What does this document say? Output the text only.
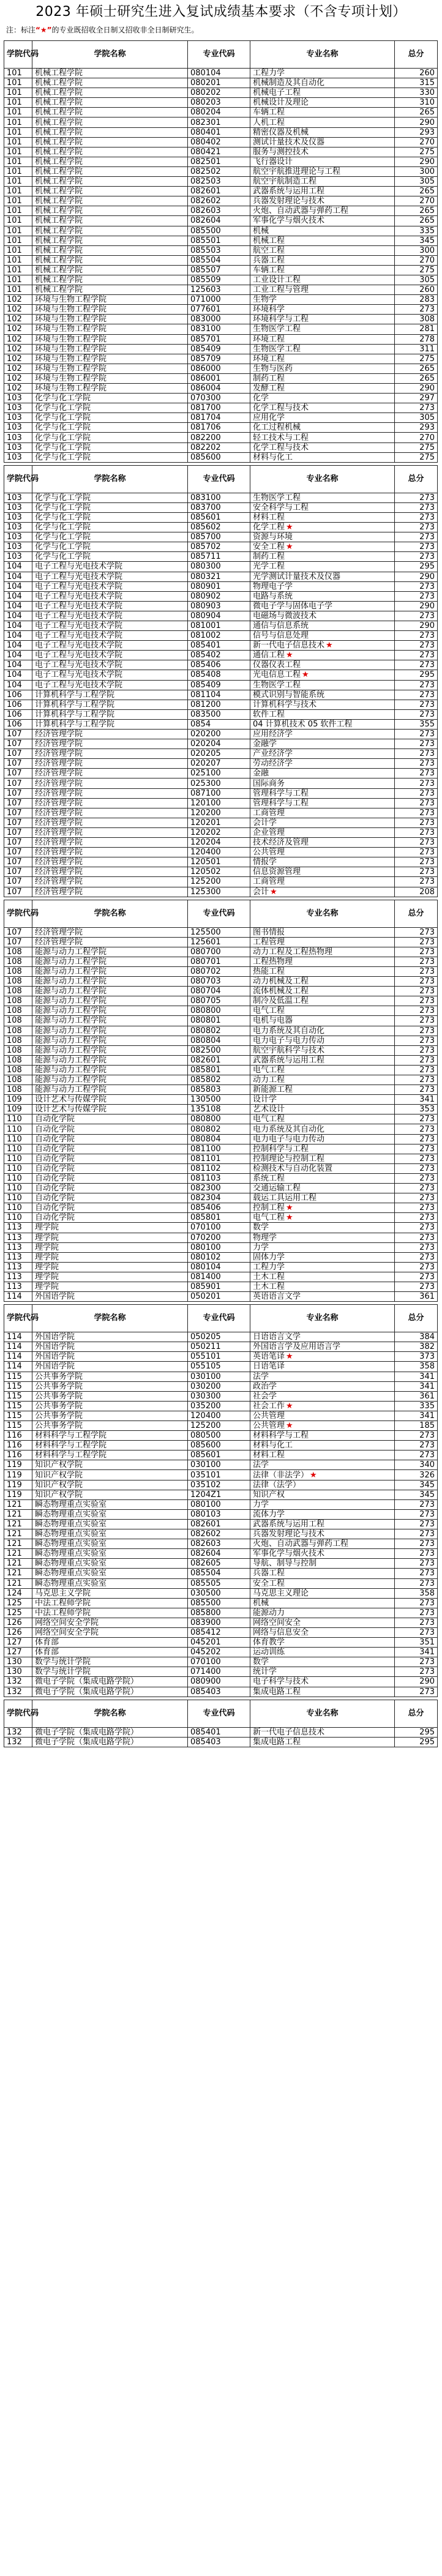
2023 年硕士研究生进入复试成绩基本要求（不含专项计划）
注：标注“★”的专业既招收全日制又招收非全日制研究生。
学院代码	学院名称	专业代码	专业名称	总分
101	机械工程学院	080104	工程力学	260
101	机械工程学院	080201	机械制造及其自动化	315
101	机械工程学院	080202	机械电子工程	330
101	机械工程学院	080203	机械设计及理论	310
101	机械工程学院	080204	车辆工程	265
101	机械工程学院	082301	人机工程	290
101	机械工程学院	080401	精密仪器及机械	293
101	机械工程学院	080402	测试计量技术及仪器	270
101	机械工程学院	080421	服务与测控技术	275
101	机械工程学院	082501	飞行器设计	290
101	机械工程学院	082502	航空宇航推进理论与工程	300
101	机械工程学院	082503	航空宇航制造工程	305
101	机械工程学院	082601	武器系统与运用工程	265
101	机械工程学院	082602	兵器发射理论与技术	270
101	机械工程学院	082603	火炮、自动武器与弹药工程	265
101	机械工程学院	082604	军事化学与烟火技术	265
101	机械工程学院	085500	机械	335
101	机械工程学院	085501	机械工程	345
101	机械工程学院	085503	航空工程	300
101	机械工程学院	085504	兵器工程	270
101	机械工程学院	085507	车辆工程	275
101	机械工程学院	085509	工业设计工程	305
101	机械工程学院	125603	工业工程与管理	260
102	环境与生物工程学院	071000	生物学	283
102	环境与生物工程学院	077601	环境科学	273
102	环境与生物工程学院	083000	环境科学与工程	308
102	环境与生物工程学院	083100	生物医学工程	281
102	环境与生物工程学院	085701	环境工程	278
102	环境与生物工程学院	085409	生物医学工程	311
102	环境与生物工程学院	085709	环境工程	275
102	环境与生物工程学院	086000	生物与医药	265
102	环境与生物工程学院	086001	制药工程	265
102	环境与生物工程学院	086004	发酵工程	290
103	化学与化工学院	070300	化学	297
103	化学与化工学院	081700	化学工程与技术	273
103	化学与化工学院	081704	应用化学	305
103	化学与化工学院	081706	化工过程机械	293
103	化学与化工学院	082200	轻工技术与工程	270
103	化学与化工学院	082202	化学工程与技术	275
103	化学与化工学院	085600	材料与化工	275
学院代码	学院名称	专业代码	专业名称	总分
103	化学与化工学院	083100	生物医学工程	273
103	化学与化工学院	083700	安全科学与工程	273
103	化学与化工学院	085601	材料工程	273
103	化学与化工学院	085602	化学工程 ★	273
103	化学与化工学院	085700	资源与环境	273
103	化学与化工学院	085702	安全工程 ★	273
103	化学与化工学院	085711	制药工程	273
104	电子工程与光电技术学院	080300	光学工程	295
104	电子工程与光电技术学院	080321	光学测试计量技术及仪器	290
104	电子工程与光电技术学院	080901	物理电子学	273
104	电子工程与光电技术学院	080902	电路与系统	273
104	电子工程与光电技术学院	080903	微电子学与固体电子学	290
104	电子工程与光电技术学院	080904	电磁场与微波技术	273
104	电子工程与光电技术学院	081001	通信与信息系统	290
104	电子工程与光电技术学院	081002	信号与信息处理	273
104	电子工程与光电技术学院	085401	新一代电子信息技术 ★	273
104	电子工程与光电技术学院	085402	通信工程 ★	273
104	电子工程与光电技术学院	085406	仪器仪表工程	273
104	电子工程与光电技术学院	085408	光电信息工程 ★	295
104	电子工程与光电技术学院	085409	生物医学工程	273
106	计算机科学与工程学院	081104	模式识别与智能系统	273
106	计算机科学与工程学院	081200	计算机科学与技术	273
106	计算机科学与工程学院	083500	软件工程	273
106	计算机科学与工程学院	0854	04 计算机技术 05 软件工程	355
107	经济管理学院	020200	应用经济学	273
107	经济管理学院	020204	金融学	273
107	经济管理学院	020205	产业经济学	273
107	经济管理学院	020207	劳动经济学	273
107	经济管理学院	025100	金融	273
107	经济管理学院	025300	国际商务	273
107	经济管理学院	087100	管理科学与工程	273
107	经济管理学院	120100	管理科学与工程	273
107	经济管理学院	120200	工商管理	273
107	经济管理学院	120201	会计学	273
107	经济管理学院	120202	企业管理	273
107	经济管理学院	120204	技术经济及管理	273
107	经济管理学院	120400	公共管理	273
107	经济管理学院	120501	情报学	273
107	经济管理学院	120502	信息资源管理	273
107	经济管理学院	125200	工商管理	273
107	经济管理学院	125300	会计 ★	208
学院代码	学院名称	专业代码	专业名称	总分
107	经济管理学院	125500	图书情报	273
107	经济管理学院	125601	工程管理	273
108	能源与动力工程学院	080700	动力工程及工程热物理	273
108	能源与动力工程学院	080701	工程热物理	273
108	能源与动力工程学院	080702	热能工程	273
108	能源与动力工程学院	080703	动力机械及工程	273
108	能源与动力工程学院	080704	流体机械及工程	273
108	能源与动力工程学院	080705	制冷及低温工程	273
108	能源与动力工程学院	080800	电气工程	273
108	能源与动力工程学院	080801	电机与电器	273
108	能源与动力工程学院	080802	电力系统及其自动化	273
108	能源与动力工程学院	080804	电力电子与电力传动	273
108	能源与动力工程学院	082500	航空宇航科学与技术	273
108	能源与动力工程学院	082601	武器系统与运用工程	273
108	能源与动力工程学院	085801	电气工程	273
108	能源与动力工程学院	085802	动力工程	273
108	能源与动力工程学院	085803	新能源工程	273
109	设计艺术与传媒学院	130500	设计学	341
109	设计艺术与传媒学院	135108	艺术设计	353
110	自动化学院	080800	电气工程	273
110	自动化学院	080802	电力系统及其自动化	273
110	自动化学院	080804	电力电子与电力传动	273
110	自动化学院	081100	控制科学与工程	273
110	自动化学院	081101	控制理论与控制工程	273
110	自动化学院	081102	检测技术与自动化装置	273
110	自动化学院	081103	系统工程	273
110	自动化学院	082300	交通运输工程	273
110	自动化学院	082304	载运工具运用工程	273
110	自动化学院	085406	控制工程 ★	273
110	自动化学院	085801	电气工程 ★	273
113	理学院	070100	数学	273
113	理学院	070200	物理学	273
113	理学院	080100	力学	273
113	理学院	080102	固体力学	273
113	理学院	080104	工程力学	273
113	理学院	081400	土木工程	273
113	理学院	085901	土木工程	273
114	外国语学院	050201	英语语言文学	361
学院代码	学院名称	专业代码	专业名称	总分
114	外国语学院	050205	日语语言文学	384
114	外国语学院	050211	外国语言学及应用语言学	382
114	外国语学院	055101	英语笔译 ★	373
114	外国语学院	055105	日语笔译	358
115	公共事务学院	030100	法学	341
115	公共事务学院	030200	政治学	341
115	公共事务学院	030300	社会学	361
115	公共事务学院	035200	社会工作 ★	335
115	公共事务学院	120400	公共管理	341
115	公共事务学院	125200	公共管理 ★	185
116	材料科学与工程学院	080500	材料科学与工程	273
116	材料科学与工程学院	085600	材料与化工	273
116	材料科学与工程学院	085601	材料工程	273
119	知识产权学院	030100	法学	340
119	知识产权学院	035101	法律（非法学） ★	326
119	知识产权学院	035102	法律（法学）	345
119	知识产权学院	1204Z1	知识产权	345
121	瞬态物理重点实验室	080100	力学	273
121	瞬态物理重点实验室	080103	流体力学	273
121	瞬态物理重点实验室	082601	武器系统与运用工程	273
121	瞬态物理重点实验室	082602	兵器发射理论与技术	273
121	瞬态物理重点实验室	082603	火炮、自动武器与弹药工程	273
121	瞬态物理重点实验室	082604	军事化学与烟火技术	273
121	瞬态物理重点实验室	082605	导航、制导与控制	273
121	瞬态物理重点实验室	085504	兵器工程	273
121	瞬态物理重点实验室	085505	安全工程	273
124	马克思主义学院	030500	马克思主义理论	358
125	中法工程师学院	085500	机械	273
125	中法工程师学院	085800	能源动力	273
126	网络空间安全学院	083900	网络空间安全	273
126	网络空间安全学院	085412	网络与信息安全	273
127	体育部	045201	体育教学	351
127	体育部	045202	运动训练	341
130	数学与统计学院	070100	数学	273
130	数学与统计学院	071400	统计学	273
132	微电子学院（集成电路学院）	080900	电子科学与技术	290
132	微电子学院（集成电路学院）	085403	集成电路工程	273
学院代码	学院名称	专业代码	专业名称	总分
132	微电子学院（集成电路学院）	085401	新一代电子信息技术	295
132	微电子学院（集成电路学院）	085403	集成电路工程	295
